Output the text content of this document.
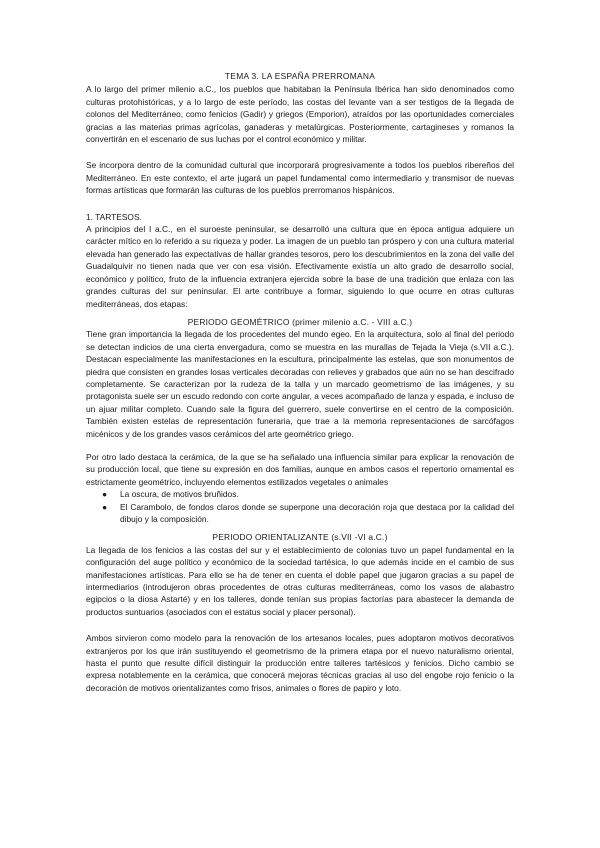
TEMA 3. LA ESPAÑA PRERROMANA

A lo largo del primer milenio a.C., los pueblos que habitaban la Península Ibérica han sido denominados como culturas protohistóricas, y a lo largo de este período, las costas del levante van a ser testigos de la llegada de colonos del Mediterráneo, como fenicios (Gadir) y griegos (Emporion), atraídos por las oportunidades comerciales gracias a las materias primas agrícolas, ganaderas y metalúrgicas. Posteriormente, cartagineses y romanos la convertirán en el escenario de sus luchas por el control económico y militar.

Se incorpora dentro de la comunidad cultural que incorporará progresivamente a todos los pueblos ribereños del Mediterráneo. En este contexto, el arte jugará un papel fundamental como intermediario y transmisor de nuevas formas artísticas que formarán las culturas de los pueblos prerromanos hispánicos.

1. TARTESOS.

A principios del I a.C., en el suroeste peninsular, se desarrolló una cultura que en época antigua adquiere un carácter mítico en lo referido a su riqueza y poder. La imagen de un pueblo tan próspero y con una cultura material elevada han generado las expectativas de hallar grandes tesoros, pero los descubrimientos en la zona del valle del Guadalquivir no tienen nada que ver con esa visión. Efectivamente existía un alto grado de desarrollo social, económico y político, fruto de la influencia extranjera ejercida sobre la base de una tradición que enlaza con las grandes culturas del sur peninsular. El arte contribuye a formar, siguiendo lo que ocurre en otras culturas mediterráneas, dos etapas:

PERIODO GEOMÉTRICO (primer milenio a.C. - VIII a.C.)

Tiene gran importancia la llegada de los procedentes del mundo egeo. En la arquitectura, solo al final del periodo se detectan indicios de una cierta envergadura, como se muestra en las murallas de Tejada la Vieja (s.VII a.C.). Destacan especialmente las manifestaciones en la escultura, principalmente las estelas, que son monumentos de piedra que consisten en grandes losas verticales decoradas con relieves y grabados que aún no se han descifrado completamente. Se caracterizan por la rudeza de la talla y un marcado geometrismo de las imágenes, y su protagonista suele ser un escudo redondo con corte angular, a veces acompañado de lanza y espada, e incluso de un ajuar militar completo. Cuando sale la figura del guerrero, suele convertirse en el centro de la composición. También existen estelas de representación funeraria, que trae a la memoria representaciones de sarcófagos micénicos y de los grandes vasos cerámicos del arte geométrico griego.

Por otro lado destaca la cerámica, de la que se ha señalado una influencia similar para explicar la renovación de su producción local, que tiene su expresión en dos familias, aunque en ambos casos el repertorio ornamental es estrictamente geométrico, incluyendo elementos estilizados vegetales o animales

● La oscura, de motivos bruñidos.
● El Carambolo, de fondos claros donde se superpone una decoración roja que destaca por la calidad del dibujo y la composición.
PERIODO ORIENTALIZANTE (s.VII -VI a.C.)

La llegada de los fenicios a las costas del sur y el establecimiento de colonias tuvo un papel fundamental en la configuración del auge político y económico de la sociedad tartésica, lo que además incide en el cambio de sus manifestaciones artísticas. Para ello se ha de tener en cuenta el doble papel que jugaron gracias a su papel de intermediarios (introdujeron obras procedentes de otras culturas mediterráneas, como los vasos de alabastro egipcios o la diosa Astarté) y en los talleres, donde tenían sus propias factorías para abastecer la demanda de productos suntuarios (asociados con el estatus social y placer personal).

Ambos sirvieron como modelo para la renovación de los artesanos locales, pues adoptaron motivos decorativos extranjeros por los que irán sustituyendo el geometrismo de la primera etapa por el nuevo naturalismo oriental, hasta el punto que resulte difícil distinguir la producción entre talleres tartésicos y fenicios. Dicho cambio se expresa notablemente en la cerámica, que conocerá mejoras técnicas gracias al uso del engobe rojo fenicio o la decoración de motivos orientalizantes como frisos, animales o flores de papiro y loto.
